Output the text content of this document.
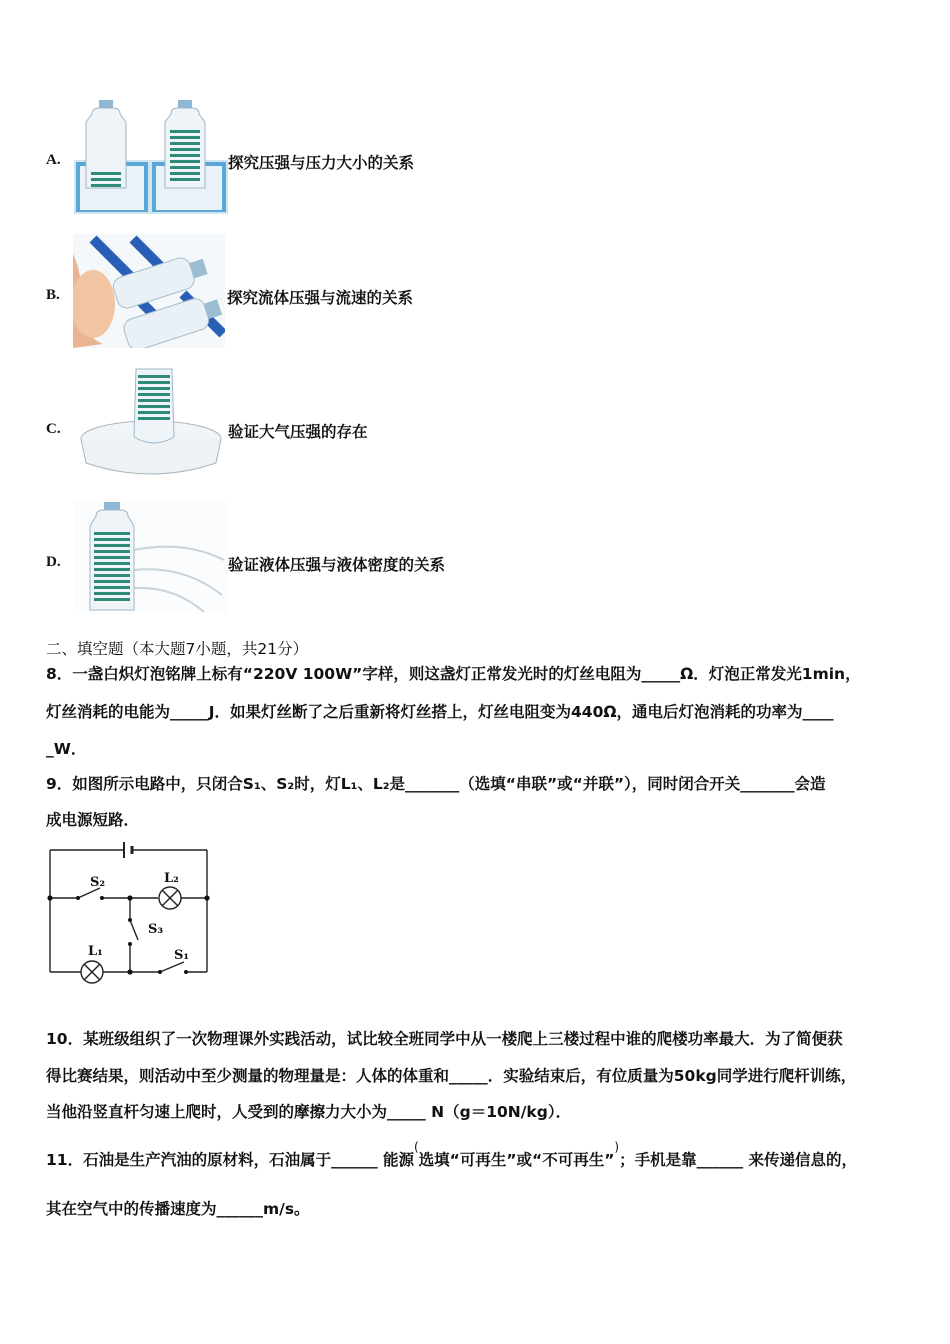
A.	探究压强与压力大小的关系
B.	探究流体压强与流速的关系
C.	验证大气压强的存在
D.	验证液体压强与液体密度的关系
二、填空题（本大题7小题，共21分）
8．一盏白炽灯泡铭牌上标有“220V 100W”字样，则这盏灯正常发光时的灯丝电阻为_____Ω．灯泡正常发光1min，
灯丝消耗的电能为_____J．如果灯丝断了之后重新将灯丝搭上，灯丝电阻变为440Ω，通电后灯泡消耗的功率为____
_W．
9．如图所示电路中，只闭合S₁、S₂时，灯L₁、L₂是_______（选填“串联”或“并联”），同时闭合开关_______会造
成电源短路．
S₂	L₂
S₃
L₁	S₁
10．某班级组织了一次物理课外实践活动，试比较全班同学中从一楼爬上三楼过程中谁的爬楼功率最大．为了简便获
得比赛结果，则活动中至少测量的物理量是：人体的体重和_____．实验结束后，有位质量为50kg同学进行爬杆训练，
当他沿竖直杆匀速上爬时，人受到的摩擦力大小为_____ N（g＝10N/kg）．
11．石油是生产汽油的原材料，石油属于______ 能源(选填“可再生”或“不可再生”)；手机是靠______ 来传递信息的，
其在空气中的传播速度为______m/s。
